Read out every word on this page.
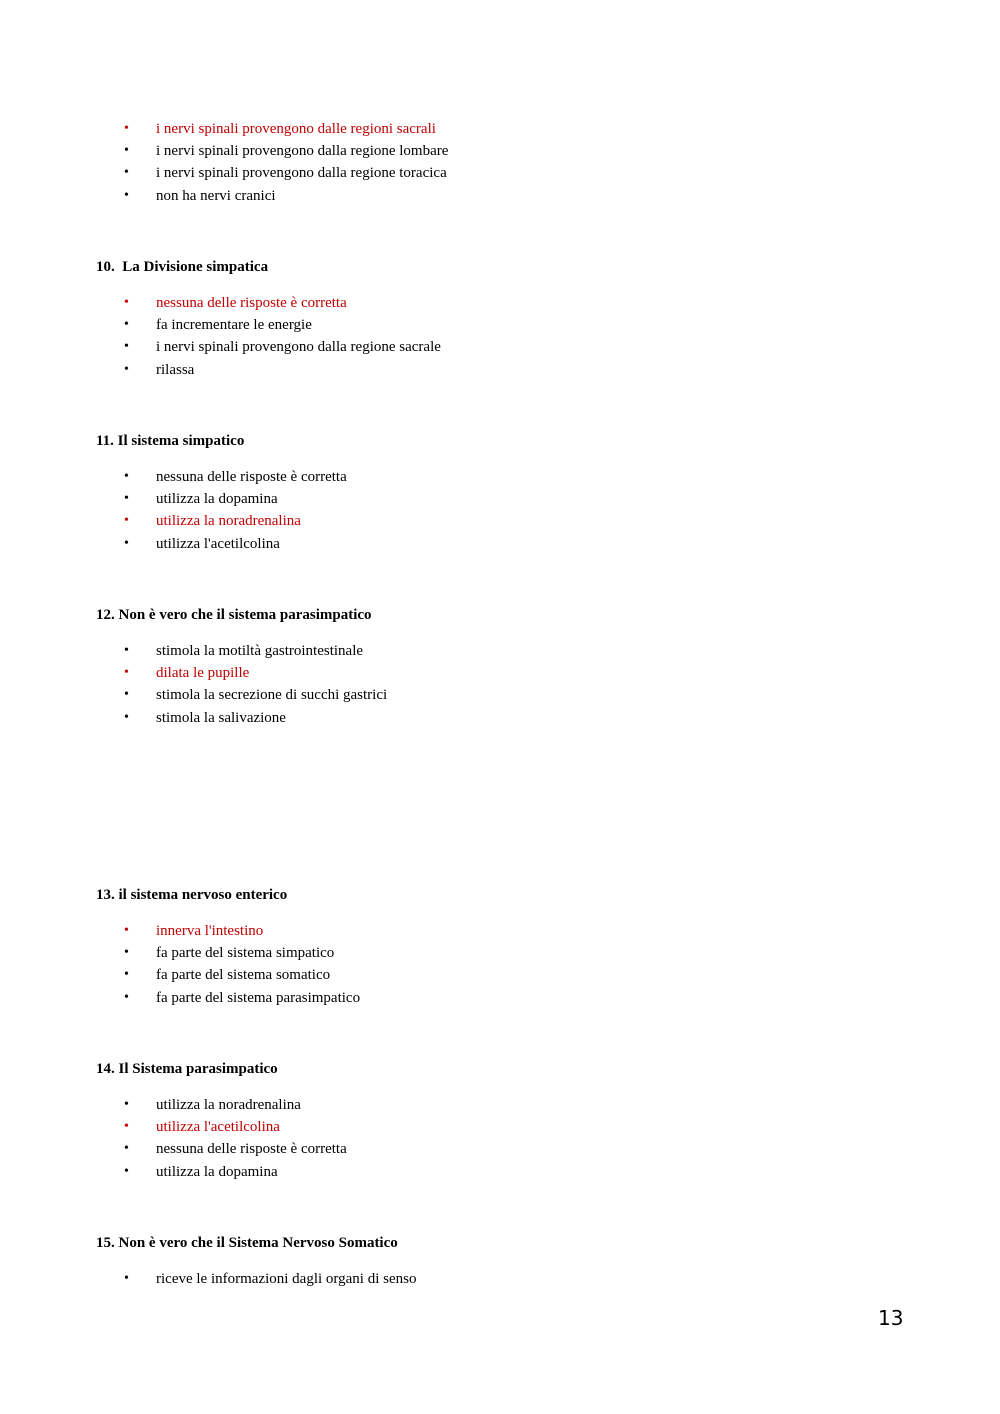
• i nervi spinali provengono dalle regioni sacrali
• i nervi spinali provengono dalla regione lombare
• i nervi spinali provengono dalla regione toracica
• non ha nervi cranici
10.  La Divisione simpatica
• nessuna delle risposte è corretta
• fa incrementare le energie
• i nervi spinali provengono dalla regione sacrale
• rilassa
11. Il sistema simpatico
• nessuna delle risposte è corretta
• utilizza la dopamina
• utilizza la noradrenalina
• utilizza l'acetilcolina
12. Non è vero che il sistema parasimpatico
• stimola la motiltà gastrointestinale
• dilata le pupille
• stimola la secrezione di succhi gastrici
• stimola la salivazione
13. il sistema nervoso enterico
• innerva l'intestino
• fa parte del sistema simpatico
• fa parte del sistema somatico
• fa parte del sistema parasimpatico
14. Il Sistema parasimpatico
• utilizza la noradrenalina
• utilizza l'acetilcolina
• nessuna delle risposte è corretta
• utilizza la dopamina
15. Non è vero che il Sistema Nervoso Somatico
• riceve le informazioni dagli organi di senso
13
